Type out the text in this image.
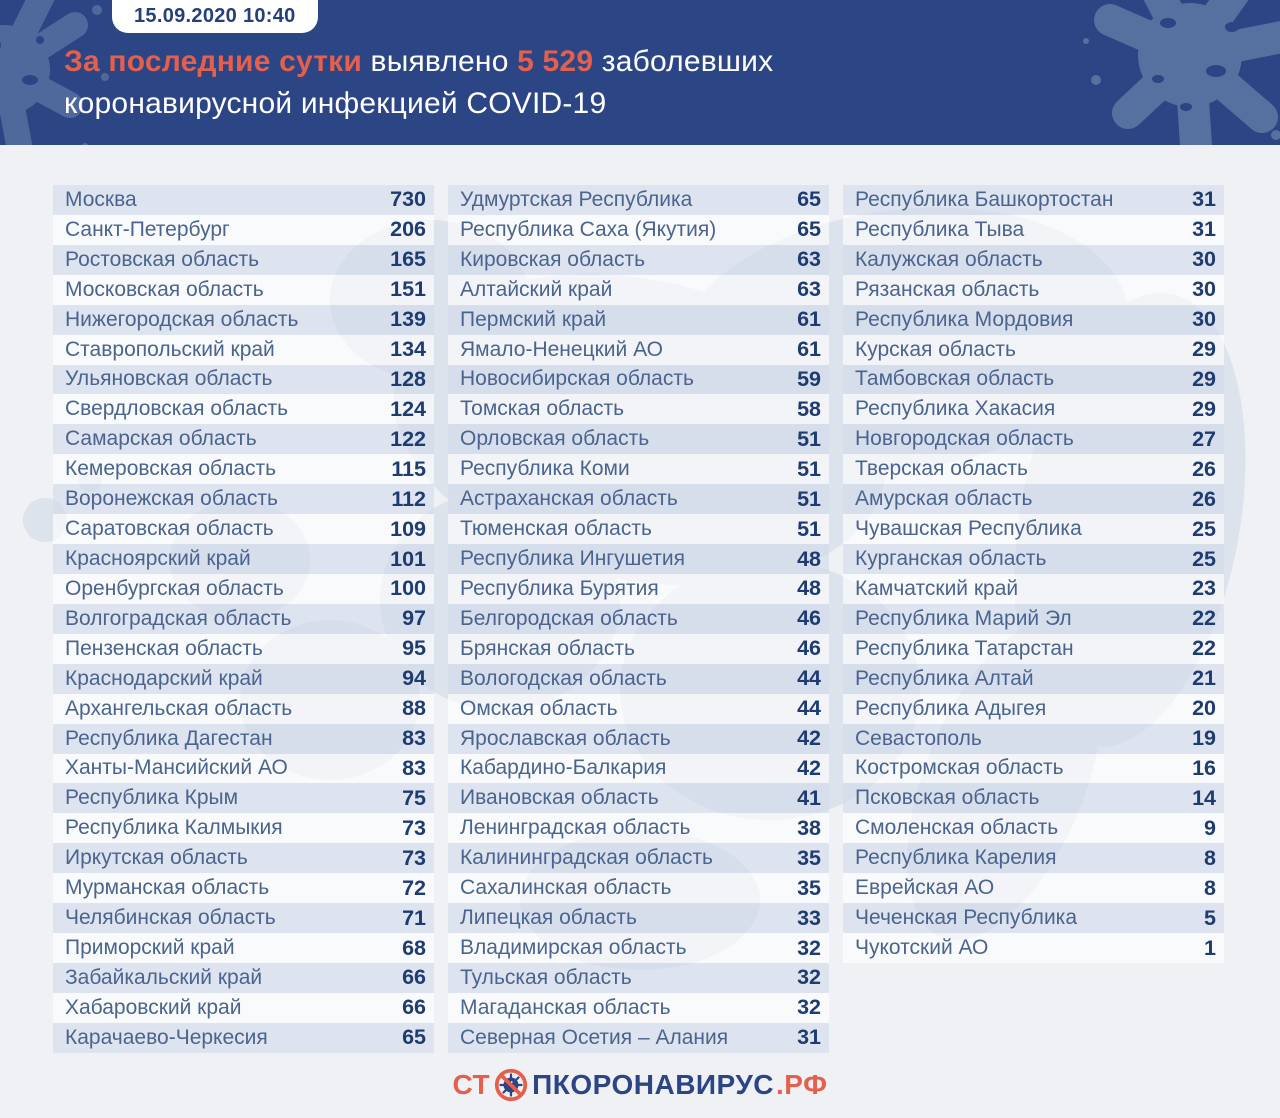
15.09.2020 10:40
За последние сутки выявлено 5 529 заболевших
коронавирусной инфекцией COVID-19
Москва	730
Санкт-Петербург	206
Ростовская область	165
Московская область	151
Нижегородская область	139
Ставропольский край	134
Ульяновская область	128
Свердловская область	124
Самарская область	122
Кемеровская область	115
Воронежская область	112
Саратовская область	109
Красноярский край	101
Оренбургская область	100
Волгоградская область	97
Пензенская область	95
Краснодарский край	94
Архангельская область	88
Республика Дагестан	83
Ханты-Мансийский АО	83
Республика Крым	75
Республика Калмыкия	73
Иркутская область	73
Мурманская область	72
Челябинская область	71
Приморский край	68
Забайкальский край	66
Хабаровский край	66
Карачаево-Черкесия	65
Удмуртская Республика	65
Республика Саха (Якутия)	65
Кировская область	63
Алтайский край	63
Пермский край	61
Ямало-Ненецкий АО	61
Новосибирская область	59
Томская область	58
Орловская область	51
Республика Коми	51
Астраханская область	51
Тюменская область	51
Республика Ингушетия	48
Республика Бурятия	48
Белгородская область	46
Брянская область	46
Вологодская область	44
Омская область	44
Ярославская область	42
Кабардино-Балкария	42
Ивановская область	41
Ленинградская область	38
Калининградская область	35
Сахалинская область	35
Липецкая область	33
Владимирская область	32
Тульская область	32
Магаданская область	32
Северная Осетия – Алания	31
Республика Башкортостан	31
Республика Тыва	31
Калужская область	30
Рязанская область	30
Республика Мордовия	30
Курская область	29
Тамбовская область	29
Республика Хакасия	29
Новгородская область	27
Тверская область	26
Амурская область	26
Чувашская Республика	25
Курганская область	25
Камчатский край	23
Республика Марий Эл	22
Республика Татарстан	22
Республика Алтай	21
Республика Адыгея	20
Севастополь	19
Костромская область	16
Псковская область	14
Смоленская область	9
Республика Карелия	8
Еврейская АО	8
Чеченская Республика	5
Чукотский АО	1
СТ ПКОРОНАВИРУС .РФ
